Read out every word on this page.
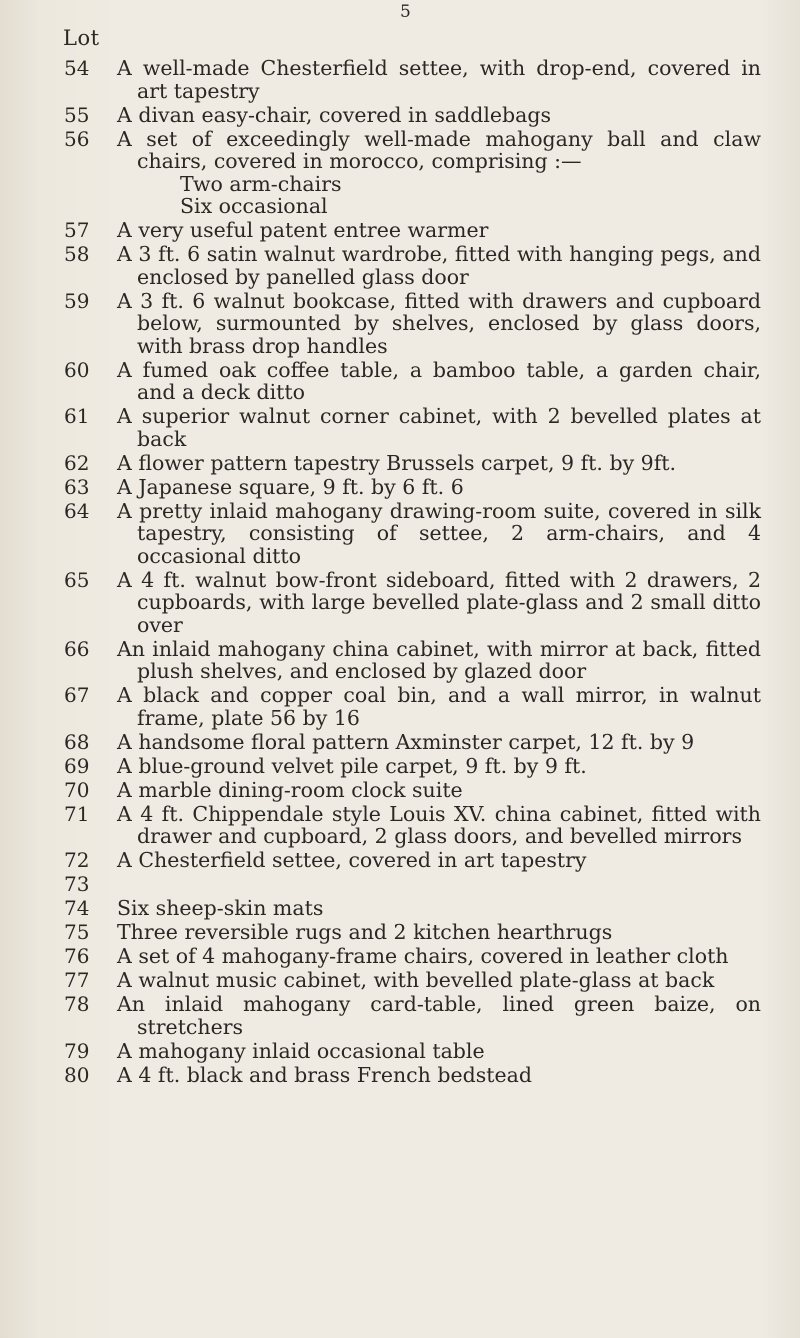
5
Lot
54 A well-made Chesterfield settee, with drop-end, covered in art tapestry
55 A divan easy-chair, covered in saddlebags
56 A set of exceedingly well-made mahogany ball and claw chairs, covered in morocco, comprising :—
Two arm-chairs
Six occasional
57 A very useful patent entree warmer
58 A 3 ft. 6 satin walnut wardrobe, fitted with hanging pegs, and enclosed by panelled glass door
59 A 3 ft. 6 walnut bookcase, fitted with drawers and cupboard below, surmounted by shelves, enclosed by glass doors, with brass drop handles
60 A fumed oak coffee table, a bamboo table, a garden chair, and a deck ditto
61 A superior walnut corner cabinet, with 2 bevelled plates at back
62 A flower pattern tapestry Brussels carpet, 9 ft. by 9ft.
63 A Japanese square, 9 ft. by 6 ft. 6
64 A pretty inlaid mahogany drawing-room suite, covered in silk tapestry, consisting of settee, 2 arm-chairs, and 4 occasional ditto
65 A 4 ft. walnut bow-front sideboard, fitted with 2 drawers, 2 cupboards, with large bevelled plate-glass and 2 small ditto over
66 An inlaid mahogany china cabinet, with mirror at back, fitted plush shelves, and enclosed by glazed door
67 A black and copper coal bin, and a wall mirror, in walnut frame, plate 56 by 16
68 A handsome floral pattern Axminster carpet, 12 ft. by 9
69 A blue-ground velvet pile carpet, 9 ft. by 9 ft.
70 A marble dining-room clock suite
71 A 4 ft. Chippendale style Louis XV. china cabinet, fitted with drawer and cupboard, 2 glass doors, and bevelled mirrors
72 A Chesterfield settee, covered in art tapestry
73
74 Six sheep-skin mats
75 Three reversible rugs and 2 kitchen hearthrugs
76 A set of 4 mahogany-frame chairs, covered in leather cloth
77 A walnut music cabinet, with bevelled plate-glass at back
78 An inlaid mahogany card-table, lined green baize, on stretchers
79 A mahogany inlaid occasional table
80 A 4 ft. black and brass French bedstead
